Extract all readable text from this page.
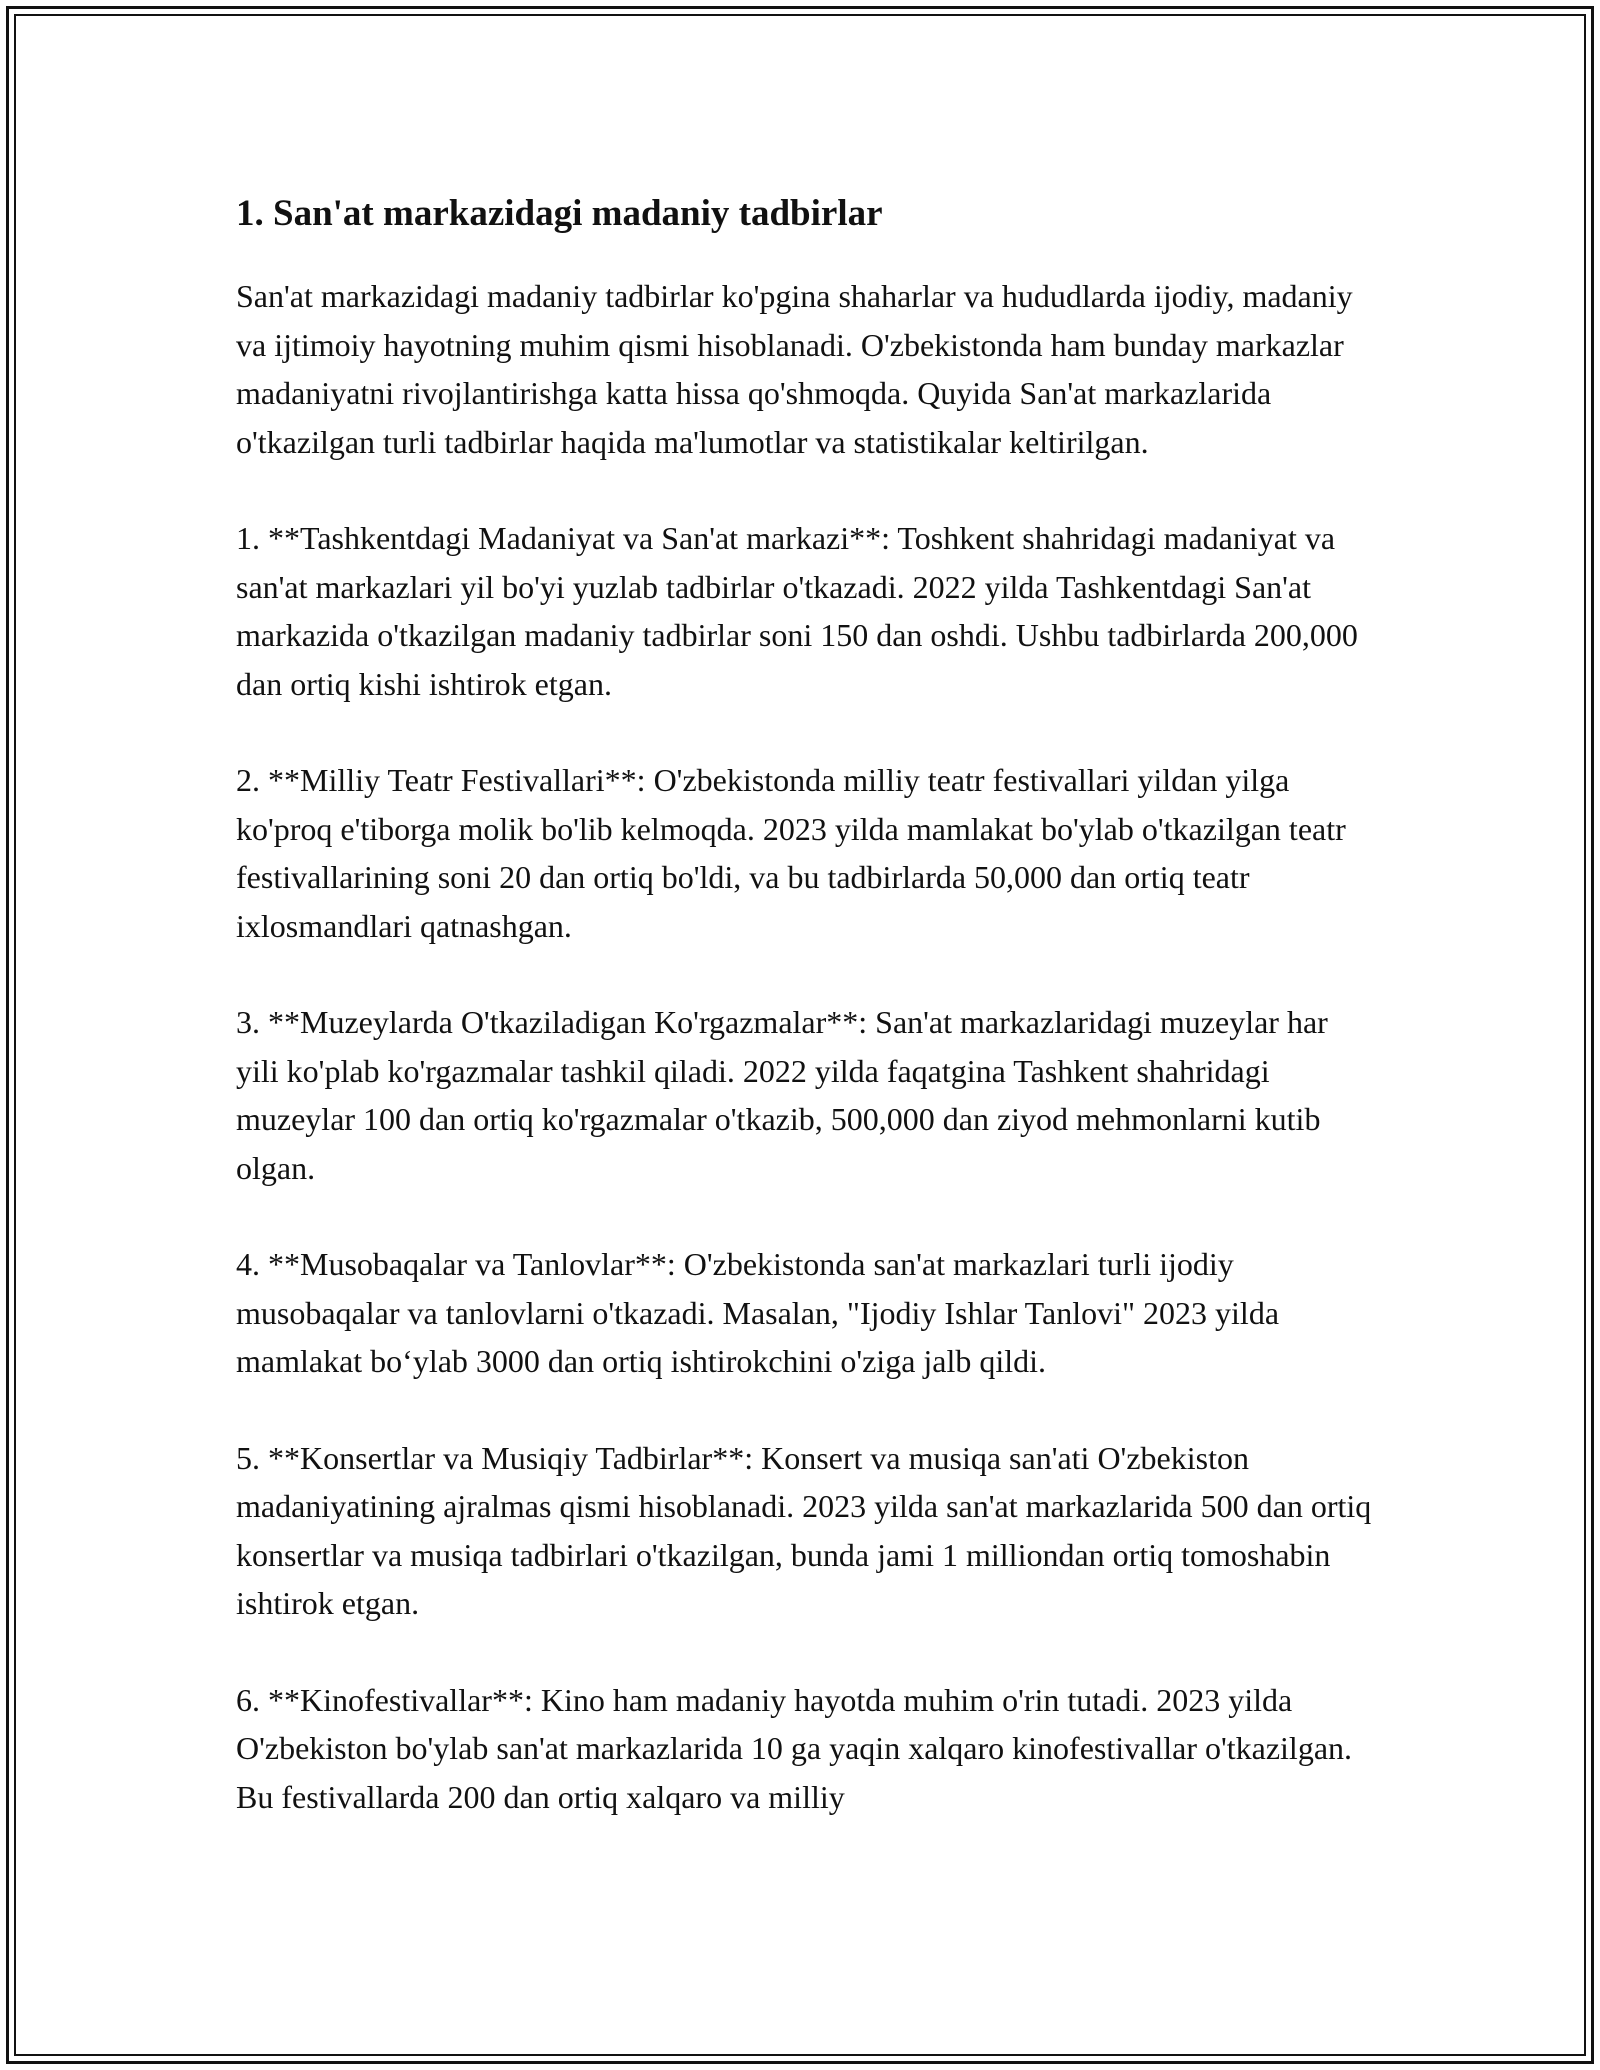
1. San'at markazidagi madaniy tadbirlar

San'at markazidagi madaniy tadbirlar ko'pgina shaharlar va hududlarda ijodiy, madaniy va ijtimoiy hayotning muhim qismi hisoblanadi. O'zbekistonda ham bunday markazlar madaniyatni rivojlantirishga katta hissa qo'shmoqda. Quyida San'at markazlarida o'tkazilgan turli tadbirlar haqida ma'lumotlar va statistikalar keltirilgan.

1. **Tashkentdagi Madaniyat va San'at markazi**: Toshkent shahridagi madaniyat va san'at markazlari yil bo'yi yuzlab tadbirlar o'tkazadi. 2022 yilda Tashkentdagi San'at markazida o'tkazilgan madaniy tadbirlar soni 150 dan oshdi. Ushbu tadbirlarda 200,000 dan ortiq kishi ishtirok etgan.

2. **Milliy Teatr Festivallari**: O'zbekistonda milliy teatr festivallari yildan yilga ko'proq e'tiborga molik bo'lib kelmoqda. 2023 yilda mamlakat bo'ylab o'tkazilgan teatr festivallarining soni 20 dan ortiq bo'ldi, va bu tadbirlarda 50,000 dan ortiq teatr ixlosmandlari qatnashgan.

3. **Muzeylarda O'tkaziladigan Ko'rgazmalar**: San'at markazlaridagi muzeylar har yili ko'plab ko'rgazmalar tashkil qiladi. 2022 yilda faqatgina Tashkent shahridagi muzeylar 100 dan ortiq ko'rgazmalar o'tkazib, 500,000 dan ziyod mehmonlarni kutib olgan.

4. **Musobaqalar va Tanlovlar**: O'zbekistonda san'at markazlari turli ijodiy musobaqalar va tanlovlarni o'tkazadi. Masalan, "Ijodiy Ishlar Tanlovi" 2023 yilda mamlakat bo‘ylab 3000 dan ortiq ishtirokchini o'ziga jalb qildi.

5. **Konsertlar va Musiqiy Tadbirlar**: Konsert va musiqa san'ati O'zbekiston madaniyatining ajralmas qismi hisoblanadi. 2023 yilda san'at markazlarida 500 dan ortiq konsertlar va musiqa tadbirlari o'tkazilgan, bunda jami 1 milliondan ortiq tomoshabin ishtirok etgan.

6. **Kinofestivallar**: Kino ham madaniy hayotda muhim o'rin tutadi. 2023 yilda O'zbekiston bo'ylab san'at markazlarida 10 ga yaqin xalqaro kinofestivallar o'tkazilgan. Bu festivallarda 200 dan ortiq xalqaro va milliy
